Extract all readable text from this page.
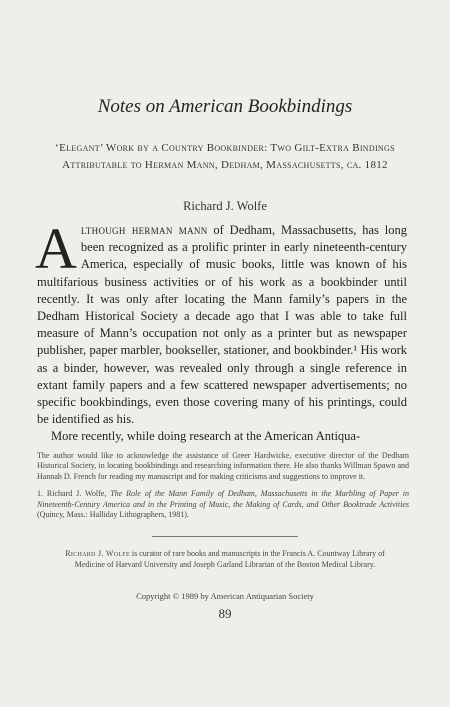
Notes on American Bookbindings
‘Elegant’ Work by a Country Bookbinder: Two Gilt-Extra Bindings Attributable to Herman Mann, Dedham, Massachusetts, ca. 1812
Richard J. Wolfe

Although herman mann of Dedham, Massachusetts, has long been recognized as a prolific printer in early nineteenth-century America, especially of music books, little was known of his multifarious business activities or of his work as a bookbinder until recently. It was only after locating the Mann family’s papers in the Dedham Historical Society a decade ago that I was able to take full measure of Mann’s occupation not only as a printer but as newspaper publisher, paper marbler, bookseller, stationer, and bookbinder.¹ His work as a binder, however, was revealed only through a single reference in extant family papers and a few scattered newspaper advertisements; no specific bookbindings, even those covering many of his printings, could be identified as his.

More recently, while doing research at the American Antiqua-

The author would like to acknowledge the assistance of Greer Hardwicke, executive director of the Dedham Historical Society, in locating bookbindings and researching information there. He also thanks Willman Spawn and Hannah D. French for reading my manuscript and for making criticisms and suggestions to improve it.

1. Richard J. Wolfe, The Role of the Mann Family of Dedham, Massachusetts in the Marbling of Paper in Nineteenth-Century America and in the Printing of Music, the Making of Cards, and Other Booktrade Activities (Quincy, Mass.: Halliday Lithographers, 1981).

Richard J. Wolfe is curator of rare books and manuscripts in the Francis A. Countway Library of Medicine of Harvard University and Joseph Garland Librarian of the Boston Medical Library.
Copyright © 1989 by American Antiquarian Society
89
